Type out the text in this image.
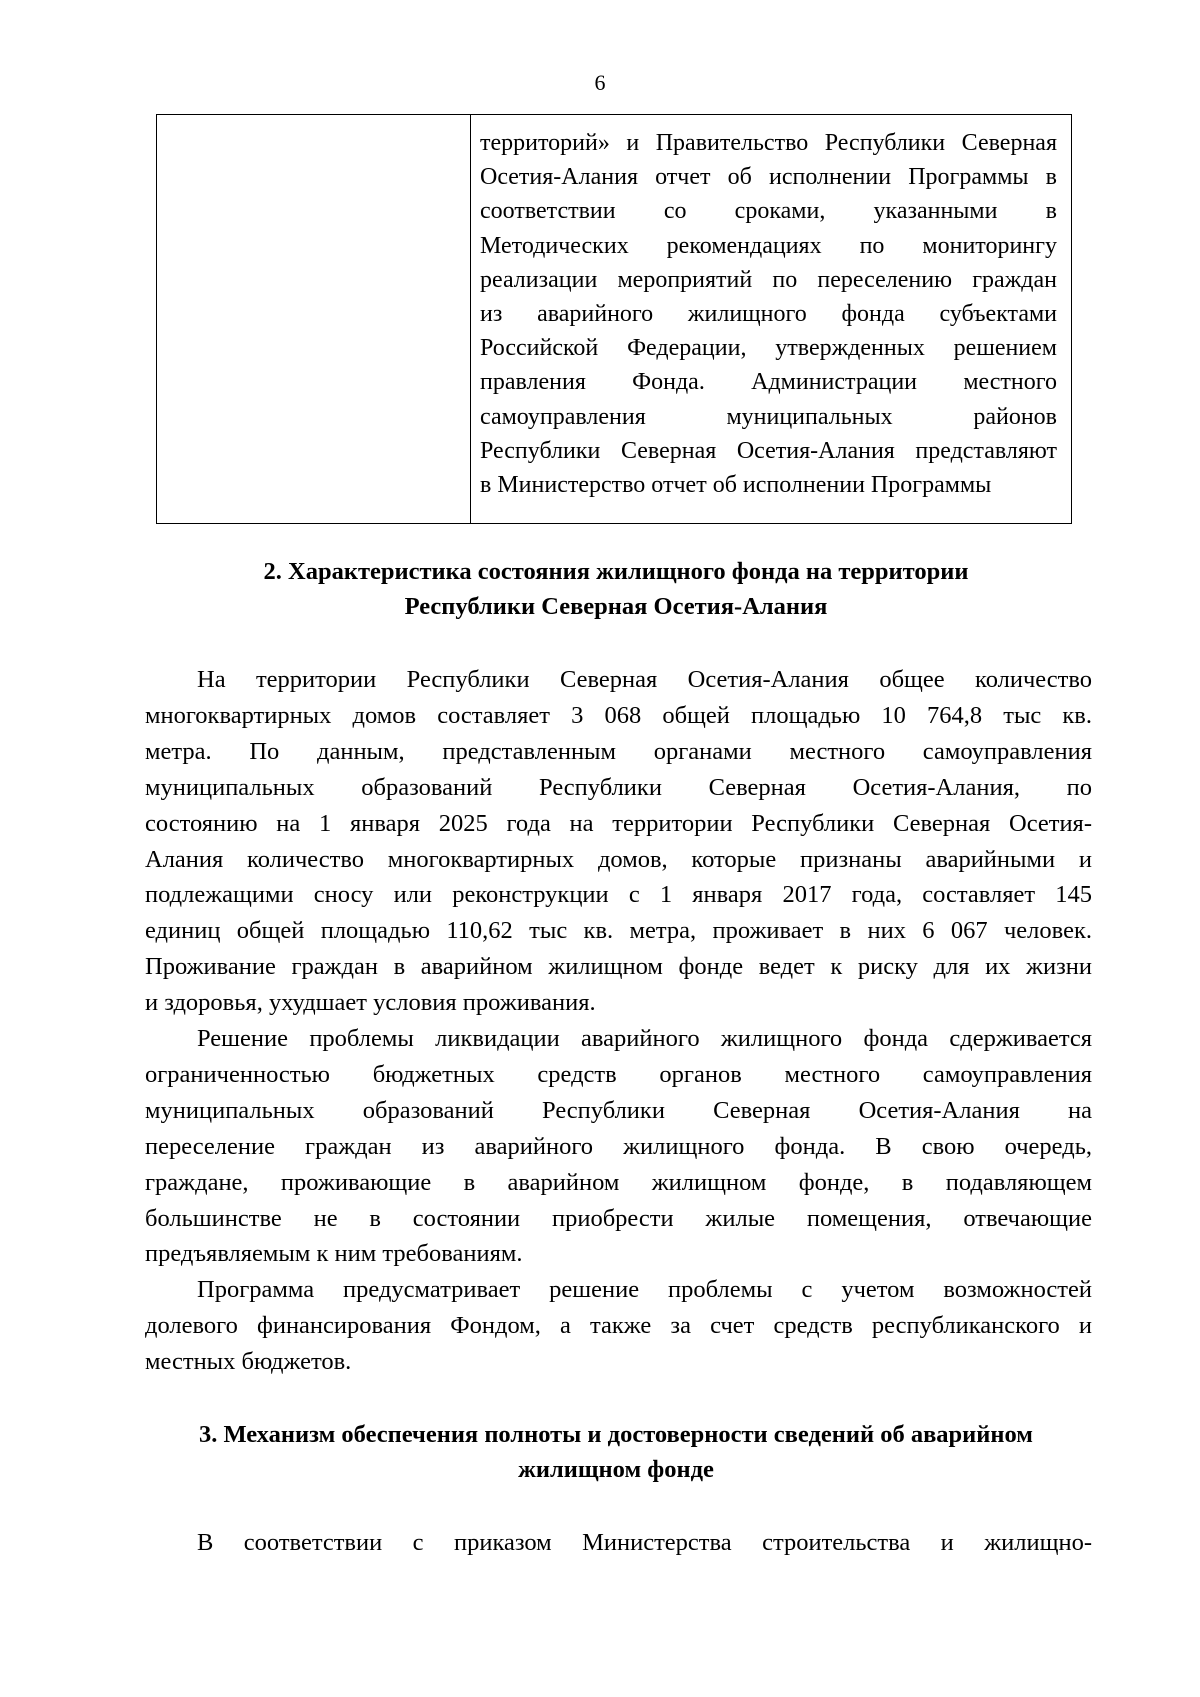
6

территорий» и Правительство Республики Северная
Осетия-Алания отчет об исполнении Программы в
соответствии со сроками, указанными в
Методических рекомендациях по мониторингу
реализации мероприятий по переселению граждан
из аварийного жилищного фонда субъектами
Российской Федерации, утвержденных решением
правления Фонда. Администрации местного
самоуправления муниципальных районов
Республики Северная Осетия-Алания представляют
в Министерство отчет об исполнении Программы
2. Характеристика состояния жилищного фонда на территории
Республики Северная Осетия-Алания
На территории Республики Северная Осетия-Алания общее количество
многоквартирных домов составляет 3 068 общей площадью 10 764,8 тыс кв.
метра. По данным, представленным органами местного самоуправления
муниципальных образований Республики Северная Осетия-Алания, по
состоянию на 1 января 2025 года на территории Республики Северная Осетия-
Алания количество многоквартирных домов, которые признаны аварийными и
подлежащими сносу или реконструкции с 1 января 2017 года, составляет 145
единиц общей площадью 110,62 тыс кв. метра, проживает в них 6 067 человек.
Проживание граждан в аварийном жилищном фонде ведет к риску для их жизни
и здоровья, ухудшает условия проживания.
Решение проблемы ликвидации аварийного жилищного фонда сдерживается
ограниченностью бюджетных средств органов местного самоуправления
муниципальных образований Республики Северная Осетия-Алания на
переселение граждан из аварийного жилищного фонда. В свою очередь,
граждане, проживающие в аварийном жилищном фонде, в подавляющем
большинстве не в состоянии приобрести жилые помещения, отвечающие
предъявляемым к ним требованиям.
Программа предусматривает решение проблемы с учетом возможностей
долевого финансирования Фондом, а также за счет средств республиканского и
местных бюджетов.
3. Механизм обеспечения полноты и достоверности сведений об аварийном
жилищном фонде
В соответствии с приказом Министерства строительства и жилищно-
